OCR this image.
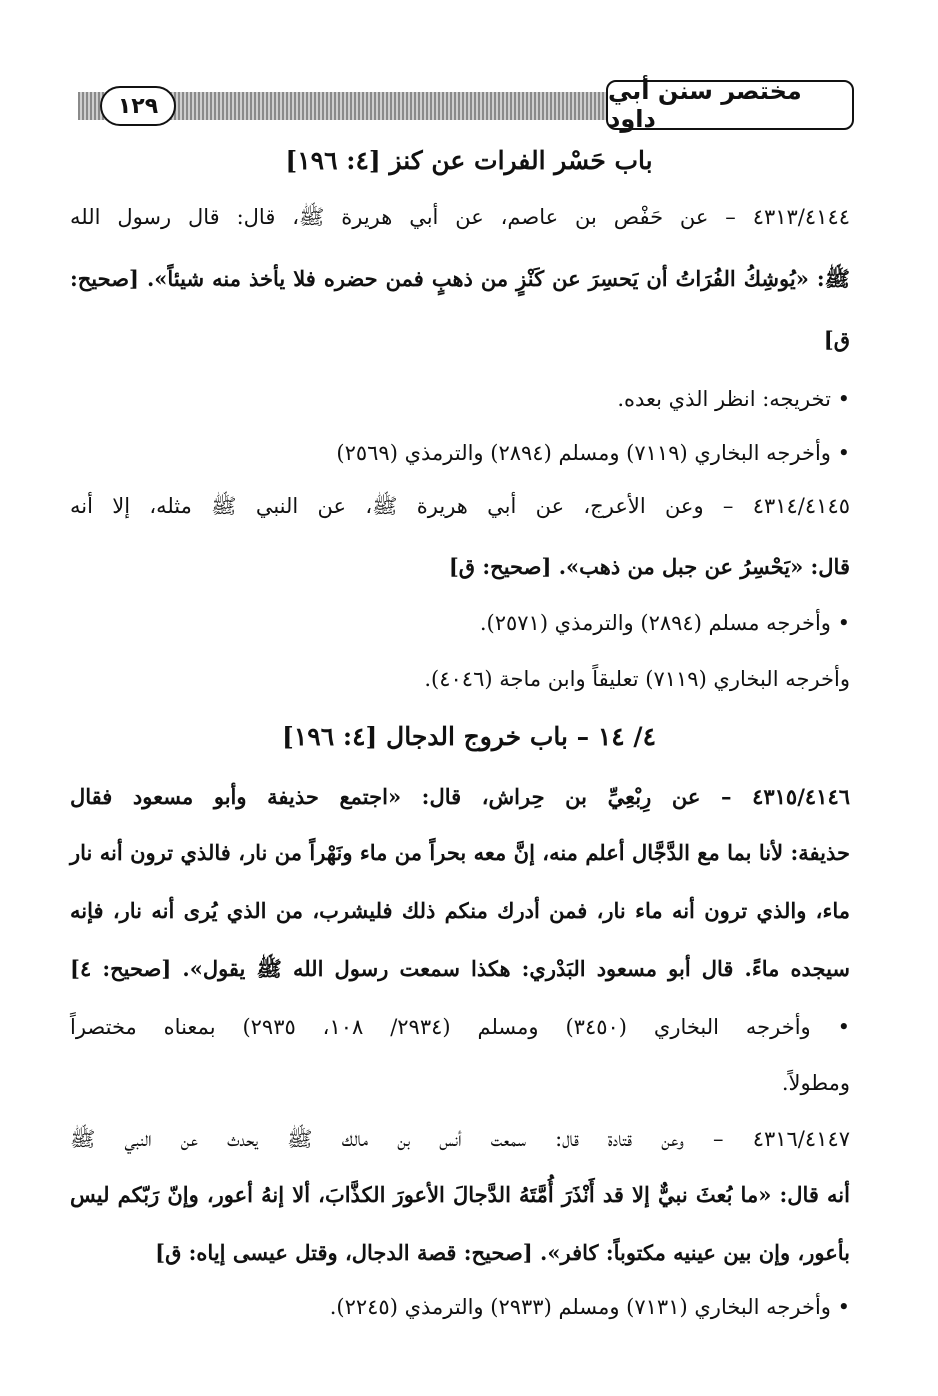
١٢٩
مختصر سنن أبي داود
باب حَسْر الفرات عن كنز [٤: ١٩٦]
٤٣١٣/٤١٤٤ – عن حَفْص بن عاصم، عن أبي هريرة ﷺ، قال: قال رسول الله
ﷺ: «يُوشِكُ الفُرَاتُ أن يَحسِرَ عن كَنْزٍ من ذهبٍ فمن حضره فلا يأخذ منه شيئاً». [صحيح:
ق]
• تخريجه: انظر الذي بعده.
• وأخرجه البخاري (٧١١٩) ومسلم (٢٨٩٤) والترمذي (٢٥٦٩)
٤٣١٤/٤١٤٥ – وعن الأعرج، عن أبي هريرة ﷺ، عن النبي ﷺ مثله، إلا أنه
قال: «يَحْسِرُ عن جبل من ذهب». [صحيح: ق]
• وأخرجه مسلم (٢٨٩٤) والترمذي (٢٥٧١).
وأخرجه البخاري (٧١١٩) تعليقاً وابن ماجة (٤٠٤٦).
٤/ ١٤ – باب خروج الدجال [٤: ١٩٦]
٤٣١٥/٤١٤٦ – عن رِبْعِيِّ بن حِراش، قال: «اجتمع حذيفة وأبو مسعود فقال
حذيفة: لأنا بما مع الدَّجَّال أعلم منه، إنَّ معه بحراً من ماء ونَهْراً من نار، فالذي ترون أنه نار
ماء، والذي ترون أنه ماء نار، فمن أدرك منكم ذلك فليشرب، من الذي يُرى أنه نار، فإنه
سيجده ماءً. قال أبو مسعود البَدْري: هكذا سمعت رسول الله ﷺ يقول». [صحيح: ٤]
• وأخرجه البخاري (٣٤٥٠) ومسلم (٢٩٣٤/ ١٠٨، ٢٩٣٥) بمعناه مختصراً
ومطولاً.
٤٣١٦/٤١٤٧ – وعن قتادة قال: سمعت أنس بن مالك ﷺ يحدث عن النبي ﷺ
أنه قال: «ما بُعثَ نبيٌّ إلا قد أَنْذَرَ أُمَّتَهُ الدَّجالَ الأعورَ الكذَّابَ، ألا إنهُ أعور، وإنّ رَبّكم ليس
بأعور، وإن بين عينيه مكتوباً: كافر». [صحيح: قصة الدجال، وقتل عيسى إياه: ق]
• وأخرجه البخاري (٧١٣١) ومسلم (٢٩٣٣) والترمذي (٢٢٤٥).
